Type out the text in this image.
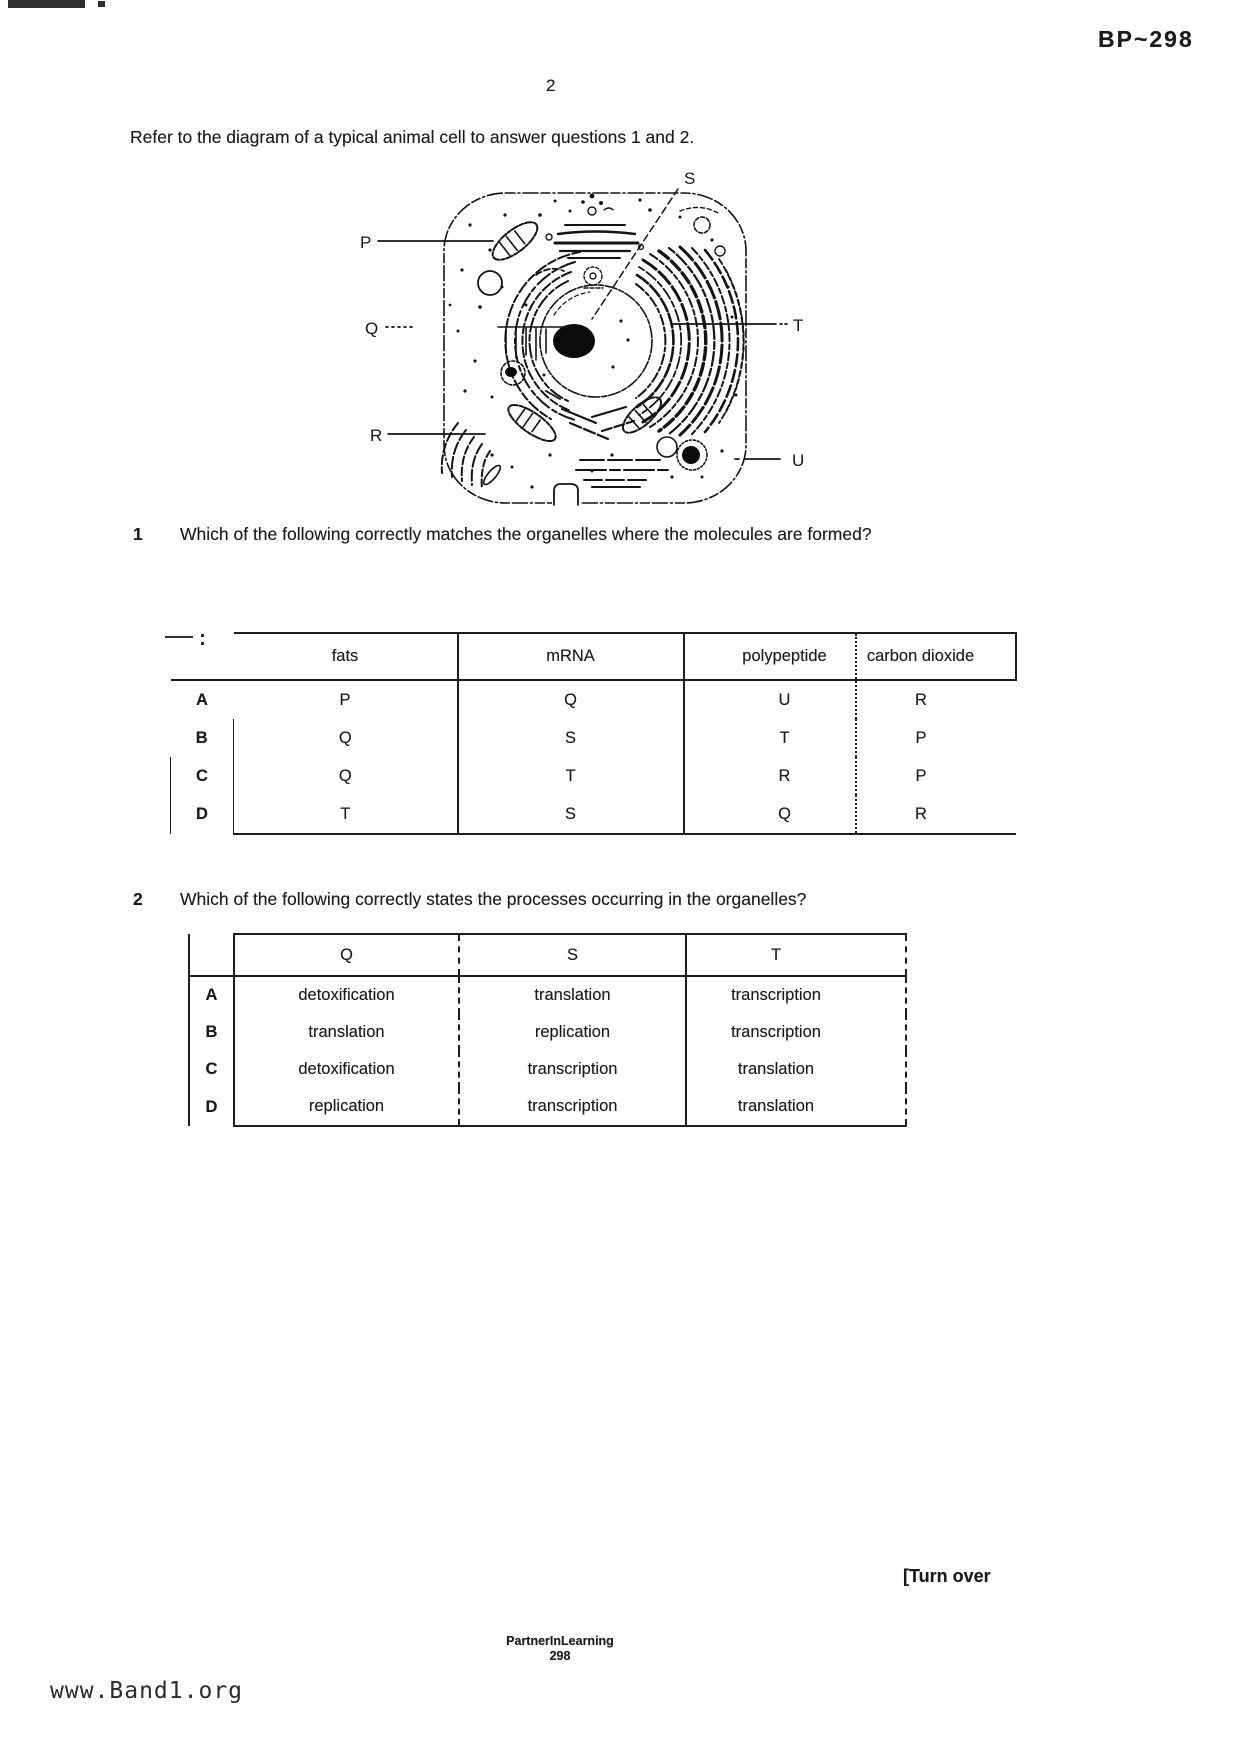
BP~298
2
Refer to the diagram of a typical animal cell to answer questions 1 and 2.
P
Q
R
S
T
U
1 Which of the following correctly matches the organelles where the molecules are formed?
	fats	mRNA	polypeptide	carbon dioxide
A	P	Q	U	R
B	Q	S	T	P
C	Q	T	R	P
D	T	S	Q	R
2 Which of the following correctly states the processes occurring in the organelles?
	Q	S	T
A	detoxification	translation	transcription
B	translation	replication	transcription
C	detoxification	transcription	translation
D	replication	transcription	translation
[Turn over
PartnerInLearning
298
www.Band1.org
